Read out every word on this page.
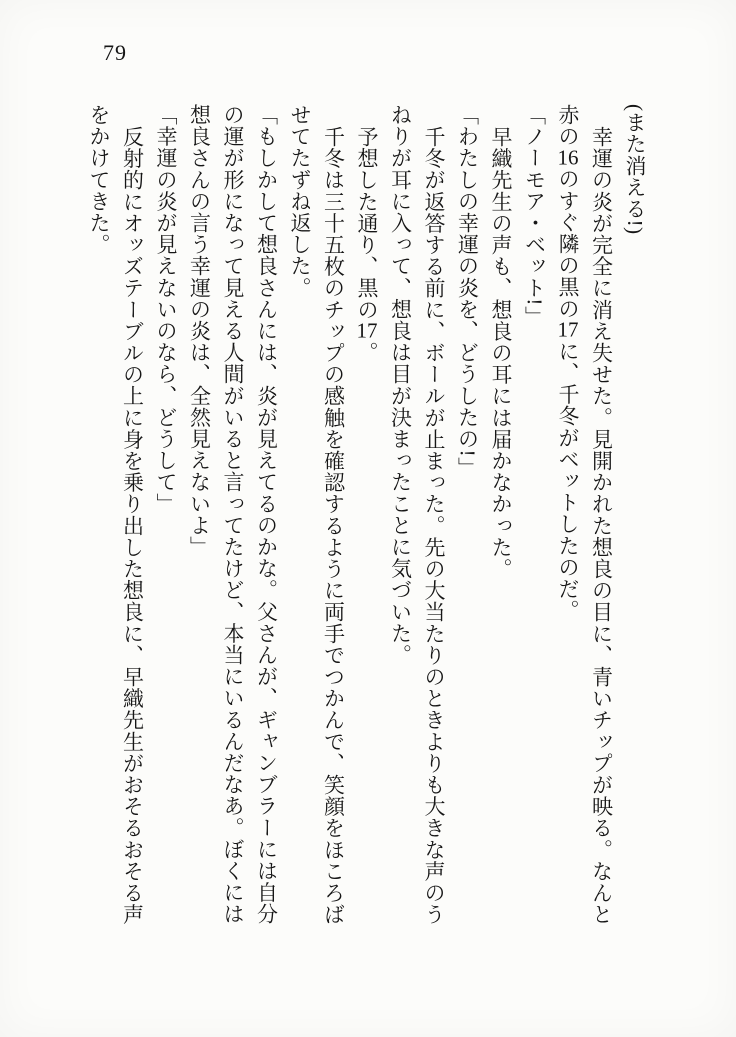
79
(また消える!)
幸運の炎が完全に消え失せた。見開かれた想良の目に、青いチップが映る。なんと
赤の16のすぐ隣の黒の17に、千冬がベットしたのだ。
「ノーモア・ベット!」
早織先生の声も、想良の耳には届かなかった。
「わたしの幸運の炎を、どうしたの!」
千冬が返答する前に、ボールが止まった。先の大当たりのときよりも大きな声のう
ねりが耳に入って、想良は目が決まったことに気づいた。
予想した通り、黒の17。
千冬は三十五枚のチップの感触を確認するように両手でつかんで、笑顔をほころば
せてたずね返した。
「もしかして想良さんには、炎が見えてるのかな。父さんが、ギャンブラーには自分
の運が形になって見える人間がいると言ってたけど、本当にいるんだなあ。ぼくには
想良さんの言う幸運の炎は、全然見えないよ」
「幸運の炎が見えないのなら、どうして」
反射的にオッズテーブルの上に身を乗り出した想良に、早織先生がおそるおそる声
をかけてきた。
